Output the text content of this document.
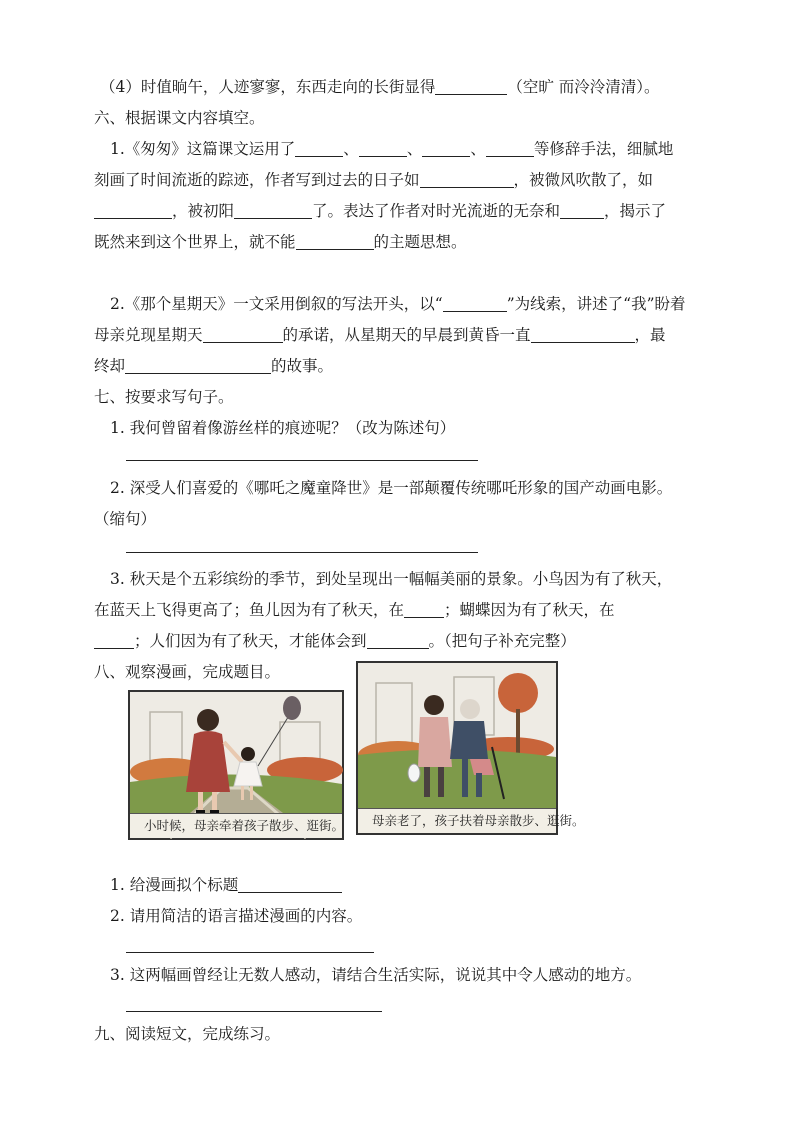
（4）时值晌午，人迹寥寥，东西走向的长街显得	（空旷 而泠泠清清）。
六、根据课文内容填空。
1.《匆匆》这篇课文运用了	、	、	、	等修辞手法，细腻地
刻画了时间流逝的踪迹，作者写到过去的日子如	，被微风吹散了，如
，被初阳	了。表达了作者对时光流逝的无奈和	，揭示了
既然来到这个世界上，就不能	的主题思想。
2.《那个星期天》一文采用倒叙的写法开头，以“	”为线索，讲述了“我”盼着
母亲兑现星期天	的承诺，从星期天的早晨到黄昏一直	，最
终却	的故事。
七、按要求写句子。
1. 我何曾留着像游丝样的痕迹呢？（改为陈述句）
2. 深受人们喜爱的《哪吒之魔童降世》是一部颠覆传统哪吒形象的国产动画电影。
（缩句）
3. 秋天是个五彩缤纷的季节，到处呈现出一幅幅美丽的景象。小鸟因为有了秋天，
在蓝天上飞得更高了；鱼儿因为有了秋天，在	；蝴蝶因为有了秋天，在
；人们因为有了秋天，才能体会到	。（把句子补充完整）
八、观察漫画，完成题目。
小时候，母亲牵着孩子散步、逛街。	母亲老了，孩子扶着母亲散步、逛街。
1. 给漫画拟个标题
2. 请用简洁的语言描述漫画的内容。
3. 这两幅画曾经让无数人感动，请结合生活实际，说说其中令人感动的地方。
九、阅读短文，完成练习。
